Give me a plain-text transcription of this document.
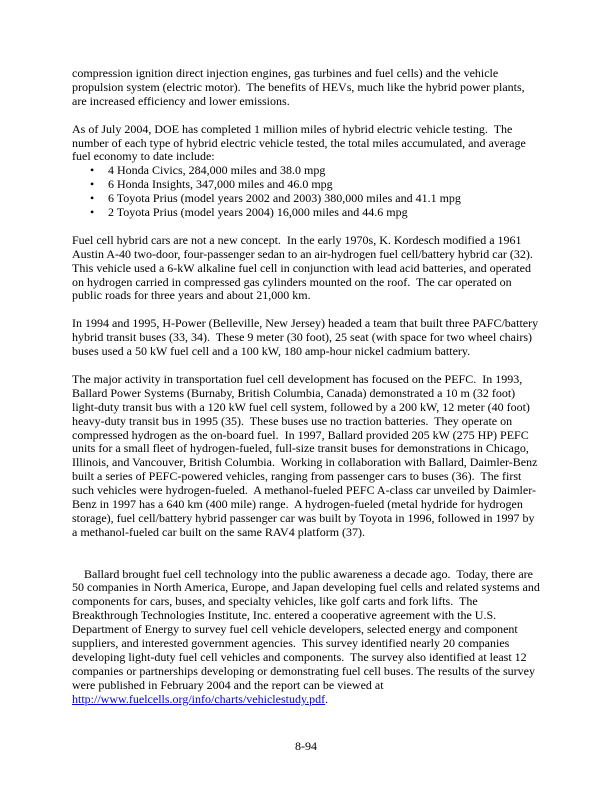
compression ignition direct injection engines, gas turbines and fuel cells) and the vehicle propulsion system (electric motor).  The benefits of HEVs, much like the hybrid power plants, are increased efficiency and lower emissions.

As of July 2004, DOE has completed 1 million miles of hybrid electric vehicle testing.  The number of each type of hybrid electric vehicle tested, the total miles accumulated, and average fuel economy to date include:

• 4 Honda Civics, 284,000 miles and 38.0 mpg
• 6 Honda Insights, 347,000 miles and 46.0 mpg
• 6 Toyota Prius (model years 2002 and 2003) 380,000 miles and 41.1 mpg
• 2 Toyota Prius (model years 2004) 16,000 miles and 44.6 mpg

Fuel cell hybrid cars are not a new concept.  In the early 1970s, K. Kordesch modified a 1961 Austin A-40 two-door, four-passenger sedan to an air-hydrogen fuel cell/battery hybrid car (32).  This vehicle used a 6-kW alkaline fuel cell in conjunction with lead acid batteries, and operated on hydrogen carried in compressed gas cylinders mounted on the roof.  The car operated on public roads for three years and about 21,000 km.

In 1994 and 1995, H-Power (Belleville, New Jersey) headed a team that built three PAFC/battery hybrid transit buses (33, 34).  These 9 meter (30 foot), 25 seat (with space for two wheel chairs) buses used a 50 kW fuel cell and a 100 kW, 180 amp-hour nickel cadmium battery.

The major activity in transportation fuel cell development has focused on the PEFC.  In 1993, Ballard Power Systems (Burnaby, British Columbia, Canada) demonstrated a 10 m (32 foot) light-duty transit bus with a 120 kW fuel cell system, followed by a 200 kW, 12 meter (40 foot) heavy-duty transit bus in 1995 (35).  These buses use no traction batteries.  They operate on compressed hydrogen as the on-board fuel.  In 1997, Ballard provided 205 kW (275 HP) PEFC units for a small fleet of hydrogen-fueled, full-size transit buses for demonstrations in Chicago, Illinois, and Vancouver, British Columbia.  Working in collaboration with Ballard, Daimler-Benz built a series of PEFC-powered vehicles, ranging from passenger cars to buses (36).  The first such vehicles were hydrogen-fueled.  A methanol-fueled PEFC A-class car unveiled by Daimler-Benz in 1997 has a 640 km (400 mile) range.  A hydrogen-fueled (metal hydride for hydrogen storage), fuel cell/battery hybrid passenger car was built by Toyota in 1996, followed in 1997 by a methanol-fueled car built on the same RAV4 platform (37).

Ballard brought fuel cell technology into the public awareness a decade ago.  Today, there are 50 companies in North America, Europe, and Japan developing fuel cells and related systems and components for cars, buses, and specialty vehicles, like golf carts and fork lifts.  The Breakthrough Technologies Institute, Inc. entered a cooperative agreement with the U.S. Department of Energy to survey fuel cell vehicle developers, selected energy and component suppliers, and interested government agencies.  This survey identified nearly 20 companies developing light-duty fuel cell vehicles and components.  The survey also identified at least 12 companies or partnerships developing or demonstrating fuel cell buses. The results of the survey were published in February 2004 and the report can be viewed at http://www.fuelcells.org/info/charts/vehiclestudy.pdf.

8-94
